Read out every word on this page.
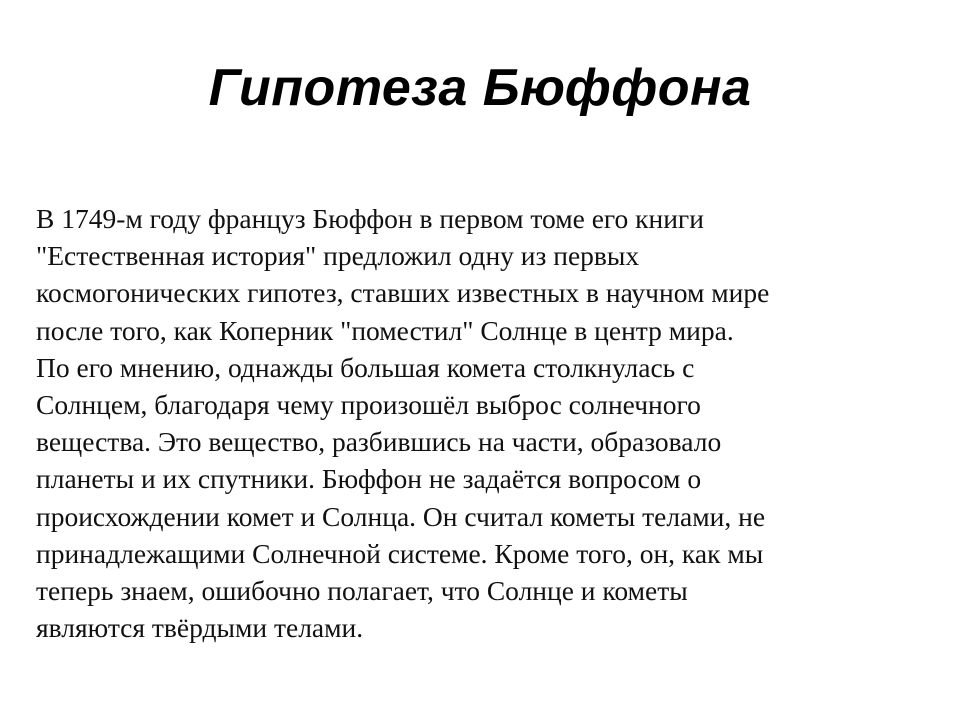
Гипотеза Бюффона
В 1749-м году француз Бюффон в первом томе его книги
"Естественная история" предложил одну из первых
космогонических гипотез, ставших известных в научном мире
после того, как Коперник "поместил" Солнце в центр мира.
По его мнению, однажды большая комета столкнулась с
Солнцем, благодаря чему произошёл выброс солнечного
вещества. Это вещество, разбившись на части, образовало
планеты и их спутники. Бюффон не задаётся вопросом о
происхождении комет и Солнца. Он считал кометы телами, не
принадлежащими Солнечной системе. Кроме того, он, как мы
теперь знаем, ошибочно полагает, что Солнце и кометы
являются твёрдыми телами.
